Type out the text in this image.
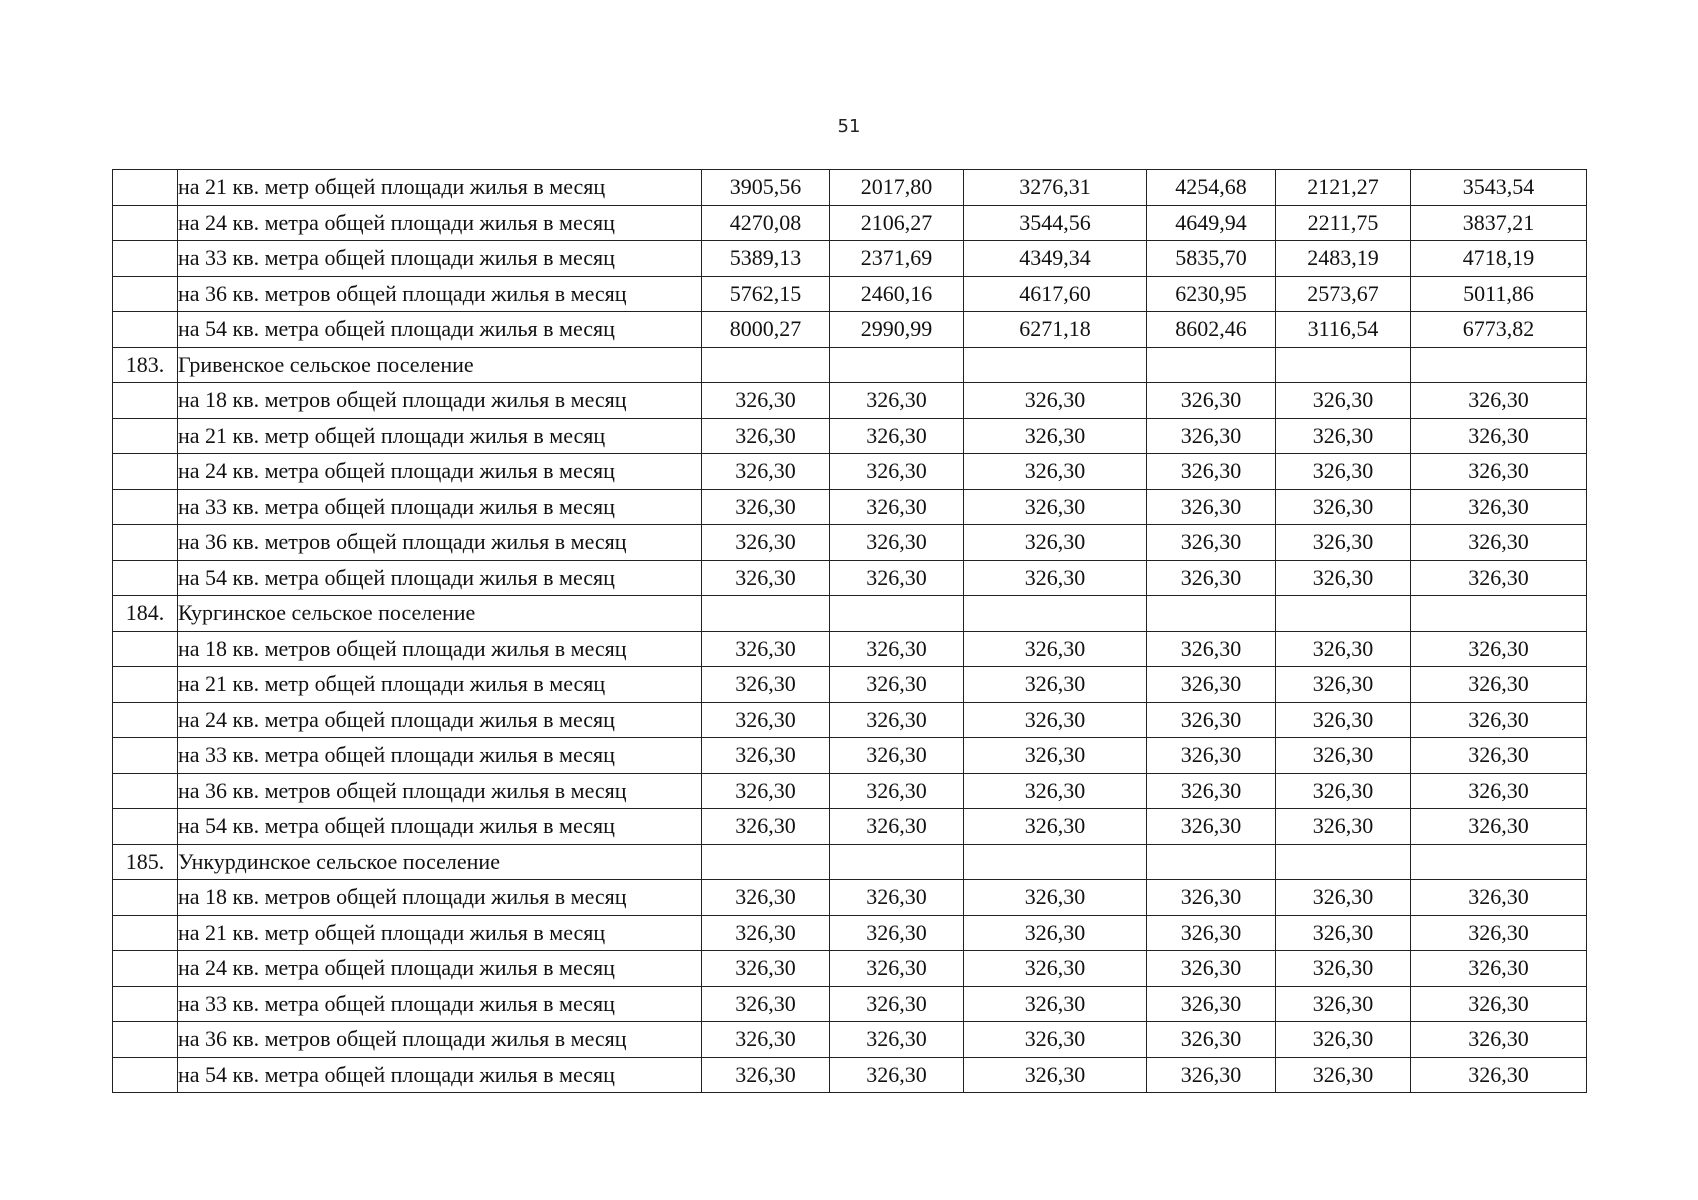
51
	на 21 кв. метр общей площади жилья в месяц	3905,56	2017,80	3276,31	4254,68	2121,27	3543,54
	на 24 кв. метра общей площади жилья в месяц	4270,08	2106,27	3544,56	4649,94	2211,75	3837,21
	на 33 кв. метра общей площади жилья в месяц	5389,13	2371,69	4349,34	5835,70	2483,19	4718,19
	на 36 кв. метров общей площади жилья в месяц	5762,15	2460,16	4617,60	6230,95	2573,67	5011,86
	на 54 кв. метра общей площади жилья в месяц	8000,27	2990,99	6271,18	8602,46	3116,54	6773,82
183.	Гривенское сельское поселение						
	на 18 кв. метров общей площади жилья в месяц	326,30	326,30	326,30	326,30	326,30	326,30
	на 21 кв. метр общей площади жилья в месяц	326,30	326,30	326,30	326,30	326,30	326,30
	на 24 кв. метра общей площади жилья в месяц	326,30	326,30	326,30	326,30	326,30	326,30
	на 33 кв. метра общей площади жилья в месяц	326,30	326,30	326,30	326,30	326,30	326,30
	на 36 кв. метров общей площади жилья в месяц	326,30	326,30	326,30	326,30	326,30	326,30
	на 54 кв. метра общей площади жилья в месяц	326,30	326,30	326,30	326,30	326,30	326,30
184.	Кургинское сельское поселение						
	на 18 кв. метров общей площади жилья в месяц	326,30	326,30	326,30	326,30	326,30	326,30
	на 21 кв. метр общей площади жилья в месяц	326,30	326,30	326,30	326,30	326,30	326,30
	на 24 кв. метра общей площади жилья в месяц	326,30	326,30	326,30	326,30	326,30	326,30
	на 33 кв. метра общей площади жилья в месяц	326,30	326,30	326,30	326,30	326,30	326,30
	на 36 кв. метров общей площади жилья в месяц	326,30	326,30	326,30	326,30	326,30	326,30
	на 54 кв. метра общей площади жилья в месяц	326,30	326,30	326,30	326,30	326,30	326,30
185.	Ункурдинское сельское поселение						
	на 18 кв. метров общей площади жилья в месяц	326,30	326,30	326,30	326,30	326,30	326,30
	на 21 кв. метр общей площади жилья в месяц	326,30	326,30	326,30	326,30	326,30	326,30
	на 24 кв. метра общей площади жилья в месяц	326,30	326,30	326,30	326,30	326,30	326,30
	на 33 кв. метра общей площади жилья в месяц	326,30	326,30	326,30	326,30	326,30	326,30
	на 36 кв. метров общей площади жилья в месяц	326,30	326,30	326,30	326,30	326,30	326,30
	на 54 кв. метра общей площади жилья в месяц	326,30	326,30	326,30	326,30	326,30	326,30
